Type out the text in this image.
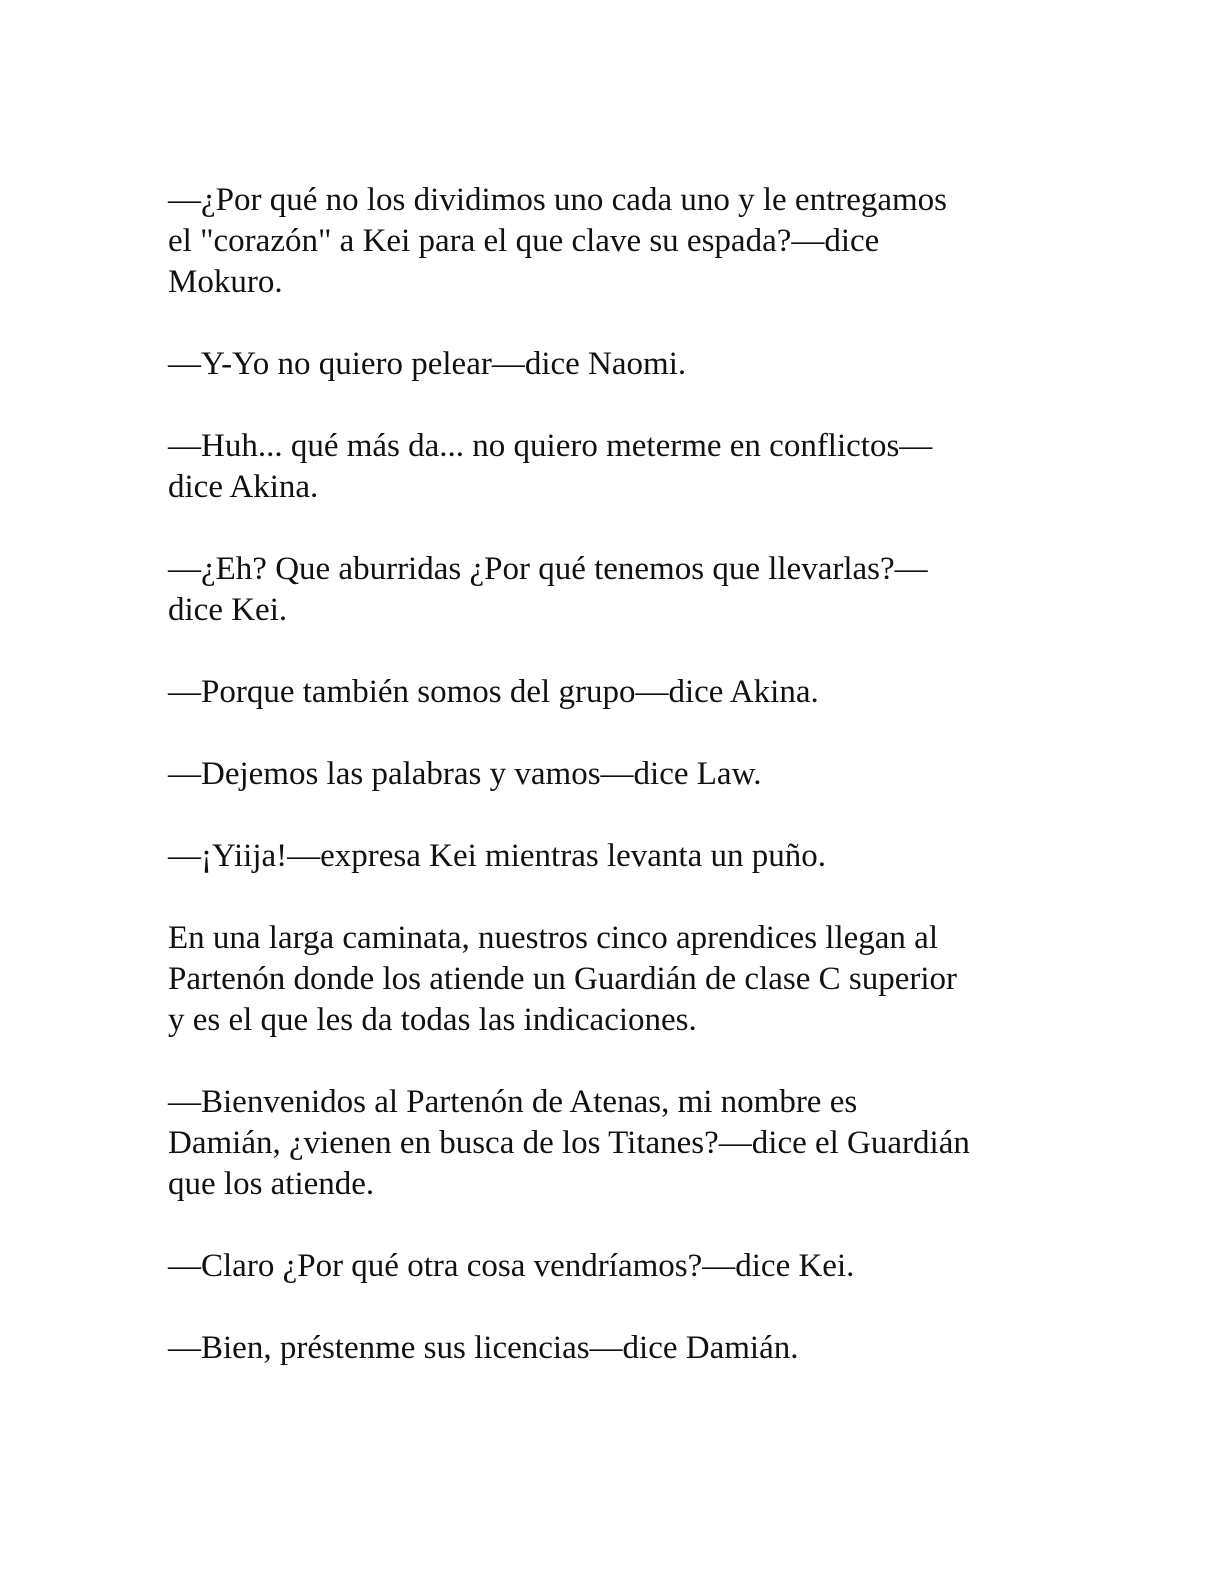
—¿Por qué no los dividimos uno cada uno y le entregamos
el "corazón" a Kei para el que clave su espada?—dice
Mokuro.

—Y-Yo no quiero pelear—dice Naomi.

—Huh... qué más da... no quiero meterme en conflictos—
dice Akina.

—¿Eh? Que aburridas ¿Por qué tenemos que llevarlas?—
dice Kei.

—Porque también somos del grupo—dice Akina.

—Dejemos las palabras y vamos—dice Law.

—¡Yiija!—expresa Kei mientras levanta un puño.

En una larga caminata, nuestros cinco aprendices llegan al
Partenón donde los atiende un Guardián de clase C superior
y es el que les da todas las indicaciones.

—Bienvenidos al Partenón de Atenas, mi nombre es
Damián, ¿vienen en busca de los Titanes?—dice el Guardián
que los atiende.

—Claro ¿Por qué otra cosa vendríamos?—dice Kei.

—Bien, préstenme sus licencias—dice Damián.
